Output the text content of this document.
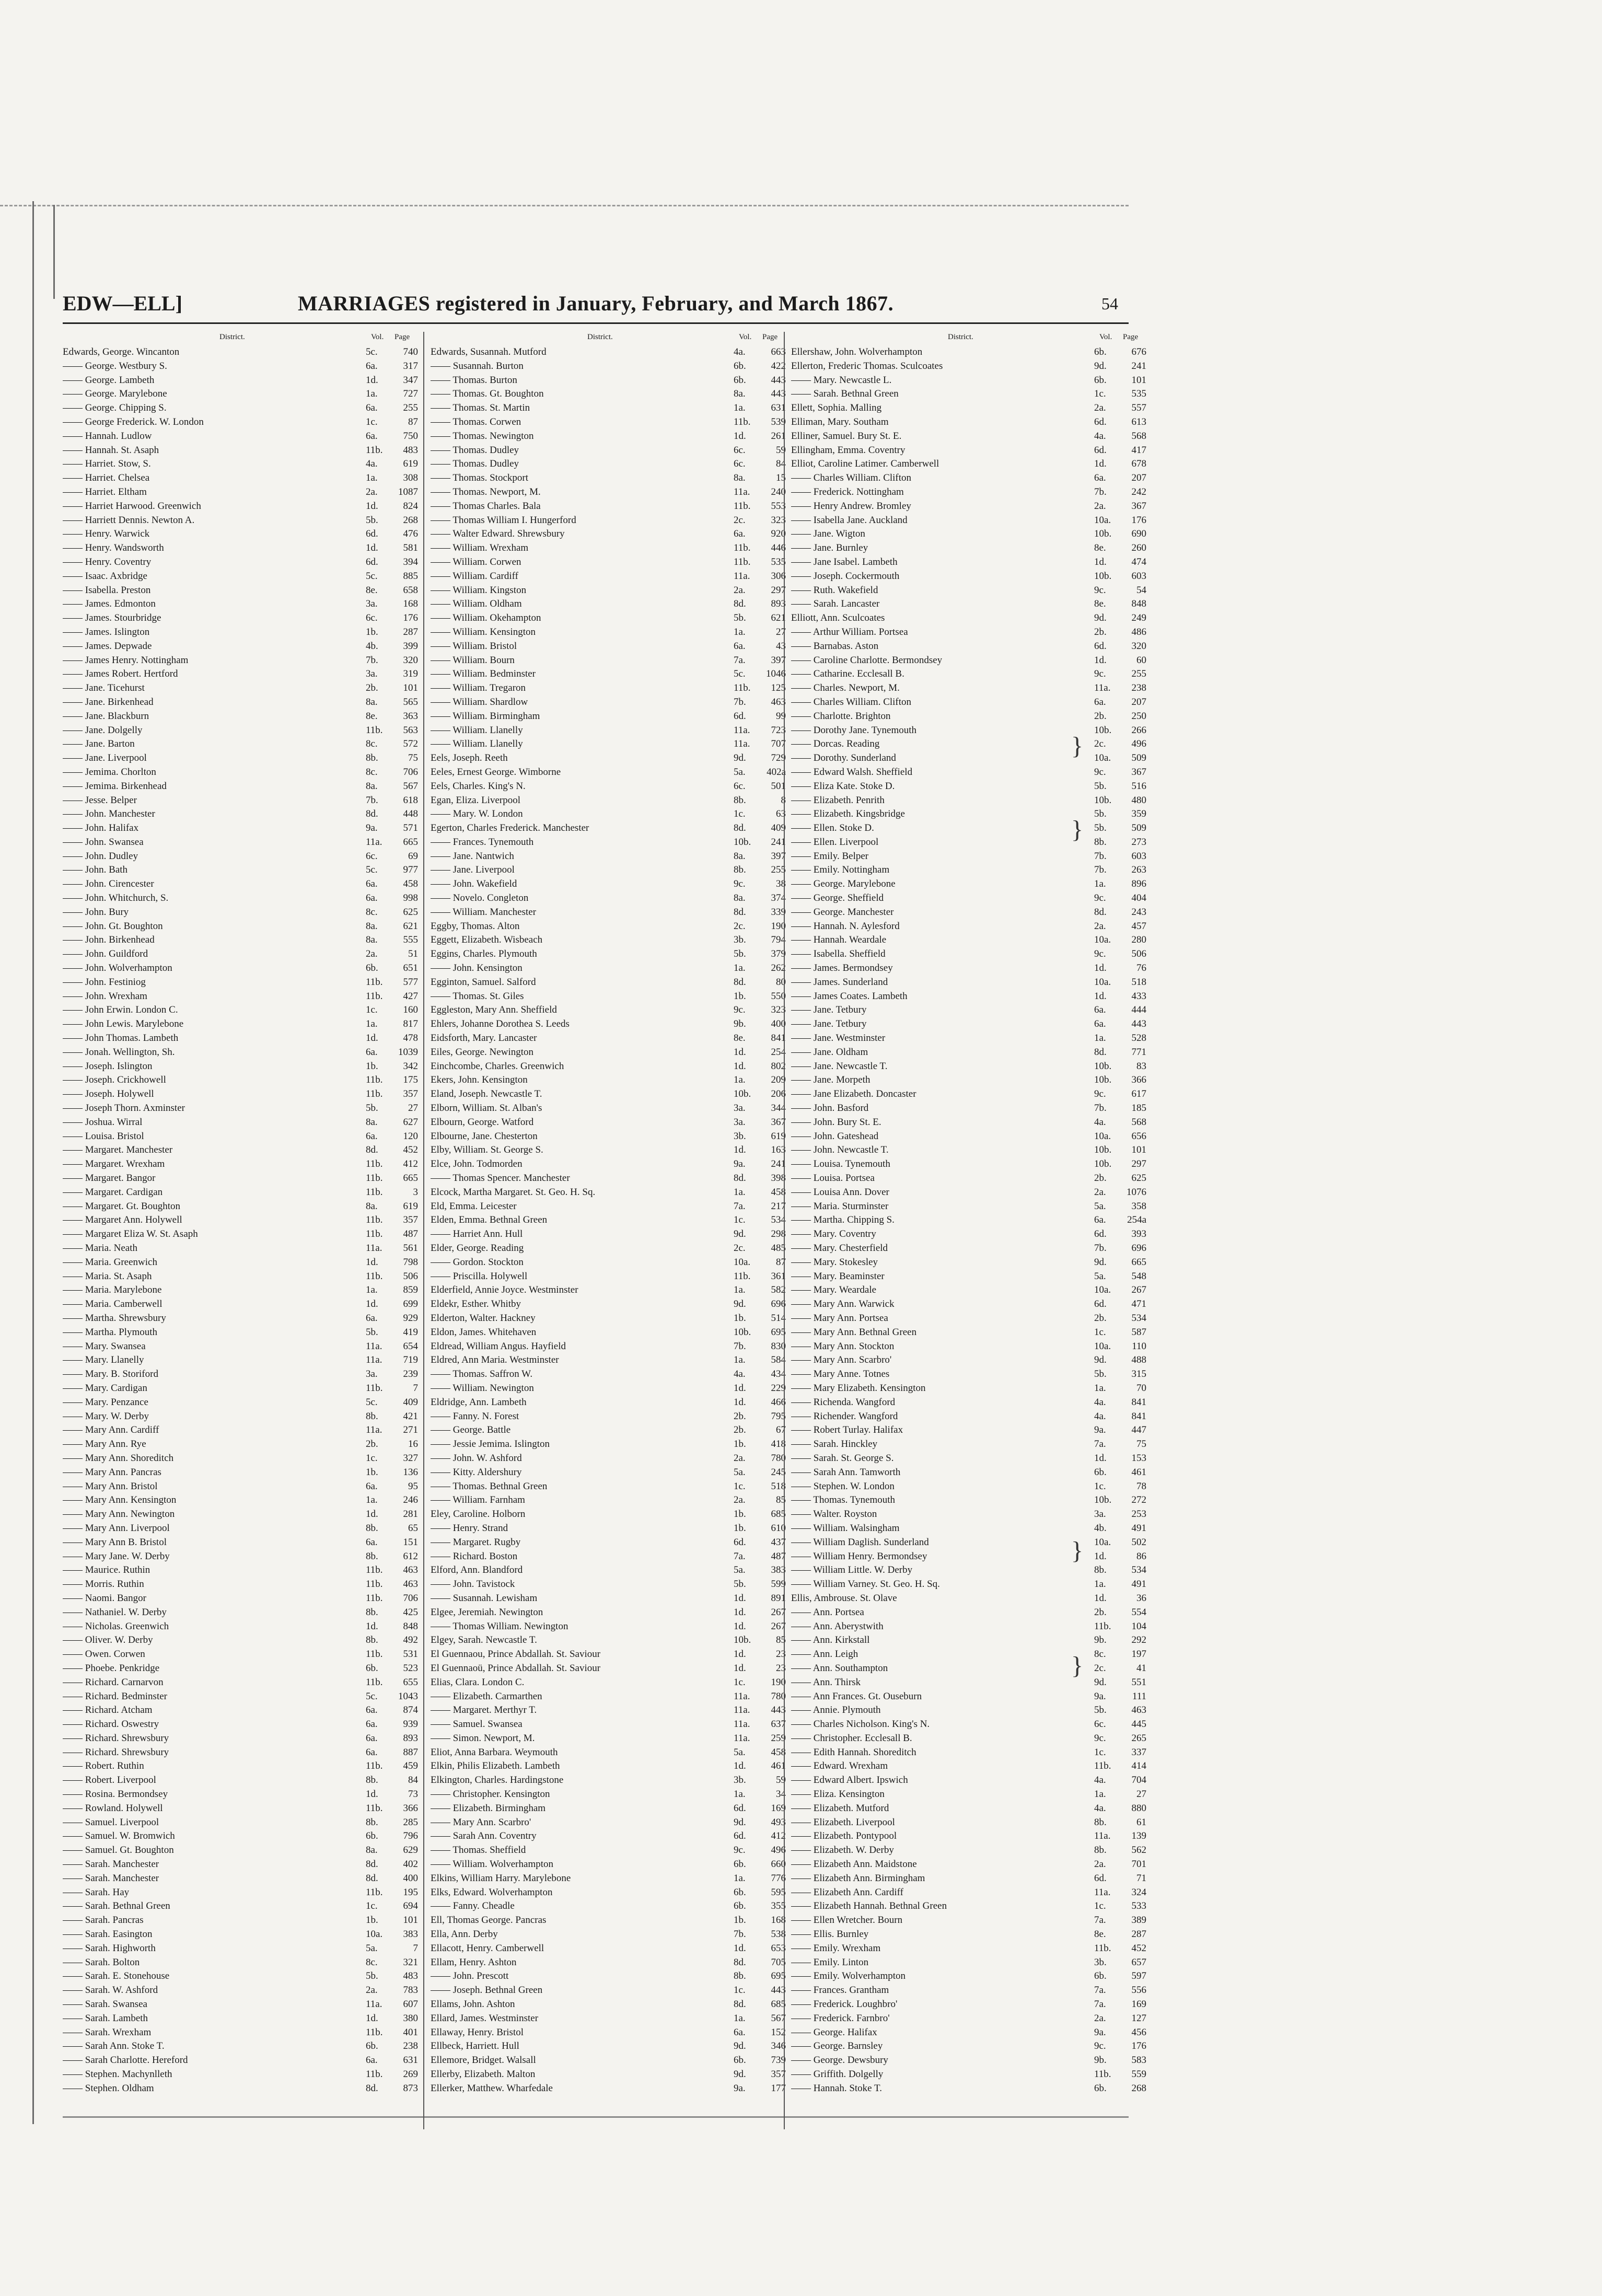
}
}
}
}
EDW—ELL]	MARRIAGES registered in January, February, and March 1867.	54
District.	Vol. Page
Edwards, George. Wincanton	5c.	740
—— George. Westbury S.	6a.	317
—— George. Lambeth	1d.	347
—— George. Marylebone	1a.	727
—— George. Chipping S.	6a.	255
—— George Frederick. W. London	1c.	87
—— Hannah. Ludlow	6a.	750
—— Hannah. St. Asaph	11b.	483
—— Harriet. Stow, S.	4a.	619
—— Harriet. Chelsea	1a.	308
—— Harriet. Eltham	2a.	1087
—— Harriet Harwood. Greenwich	1d.	824
—— Harriett Dennis. Newton A.	5b.	268
—— Henry. Warwick	6d.	476
—— Henry. Wandsworth	1d.	581
—— Henry. Coventry	6d.	394
—— Isaac. Axbridge	5c.	885
—— Isabella. Preston	8e.	658
—— James. Edmonton	3a.	168
—— James. Stourbridge	6c.	176
—— James. Islington	1b.	287
—— James. Depwade	4b.	399
—— James Henry. Nottingham	7b.	320
—— James Robert. Hertford	3a.	319
—— Jane. Ticehurst	2b.	101
—— Jane. Birkenhead	8a.	565
—— Jane. Blackburn	8e.	363
—— Jane. Dolgelly	11b.	563
—— Jane. Barton	8c.	572
—— Jane. Liverpool	8b.	75
—— Jemima. Chorlton	8c.	706
—— Jemima. Birkenhead	8a.	567
—— Jesse. Belper	7b.	618
—— John. Manchester	8d.	448
—— John. Halifax	9a.	571
—— John. Swansea	11a.	665
—— John. Dudley	6c.	69
—— John. Bath	5c.	977
—— John. Cirencester	6a.	458
—— John. Whitchurch, S.	6a.	998
—— John. Bury	8c.	625
—— John. Gt. Boughton	8a.	621
—— John. Birkenhead	8a.	555
—— John. Guildford	2a.	51
—— John. Wolverhampton	6b.	651
—— John. Festiniog	11b.	577
—— John. Wrexham	11b.	427
—— John Erwin. London C.	1c.	160
—— John Lewis. Marylebone	1a.	817
—— John Thomas. Lambeth	1d.	478
—— Jonah. Wellington, Sh.	6a.	1039
—— Joseph. Islington	1b.	342
—— Joseph. Crickhowell	11b.	175
—— Joseph. Holywell	11b.	357
—— Joseph Thorn. Axminster	5b.	27
—— Joshua. Wirral	8a.	627
—— Louisa. Bristol	6a.	120
—— Margaret. Manchester	8d.	452
—— Margaret. Wrexham	11b.	412
—— Margaret. Bangor	11b.	665
—— Margaret. Cardigan	11b.	3
—— Margaret. Gt. Boughton	8a.	619
—— Margaret Ann. Holywell	11b.	357
—— Margaret Eliza W. St. Asaph	11b.	487
—— Maria. Neath	11a.	561
—— Maria. Greenwich	1d.	798
—— Maria. St. Asaph	11b.	506
—— Maria. Marylebone	1a.	859
—— Maria. Camberwell	1d.	699
—— Martha. Shrewsbury	6a.	929
—— Martha. Plymouth	5b.	419
—— Mary. Swansea	11a.	654
—— Mary. Llanelly	11a.	719
—— Mary. B. Storiford	3a.	239
—— Mary. Cardigan	11b.	7
—— Mary. Penzance	5c.	409
—— Mary. W. Derby	8b.	421
—— Mary Ann. Cardiff	11a.	271
—— Mary Ann. Rye	2b.	16
—— Mary Ann. Shoreditch	1c.	327
—— Mary Ann. Pancras	1b.	136
—— Mary Ann. Bristol	6a.	95
—— Mary Ann. Kensington	1a.	246
—— Mary Ann. Newington	1d.	281
—— Mary Ann. Liverpool	8b.	65
—— Mary Ann B. Bristol	6a.	151
—— Mary Jane. W. Derby	8b.	612
—— Maurice. Ruthin	11b.	463
—— Morris. Ruthin	11b.	463
—— Naomi. Bangor	11b.	706
—— Nathaniel. W. Derby	8b.	425
—— Nicholas. Greenwich	1d.	848
—— Oliver. W. Derby	8b.	492
—— Owen. Corwen	11b.	531
—— Phoebe. Penkridge	6b.	523
—— Richard. Carnarvon	11b.	655
—— Richard. Bedminster	5c.	1043
—— Richard. Atcham	6a.	874
—— Richard. Oswestry	6a.	939
—— Richard. Shrewsbury	6a.	893
—— Richard. Shrewsbury	6a.	887
—— Robert. Ruthin	11b.	459
—— Robert. Liverpool	8b.	84
—— Rosina. Bermondsey	1d.	73
—— Rowland. Holywell	11b.	366
—— Samuel. Liverpool	8b.	285
—— Samuel. W. Bromwich	6b.	796
—— Samuel. Gt. Boughton	8a.	629
—— Sarah. Manchester	8d.	402
—— Sarah. Manchester	8d.	400
—— Sarah. Hay	11b.	195
—— Sarah. Bethnal Green	1c.	694
—— Sarah. Pancras	1b.	101
—— Sarah. Easington	10a.	383
—— Sarah. Highworth	5a.	7
—— Sarah. Bolton	8c.	321
—— Sarah. E. Stonehouse	5b.	483
—— Sarah. W. Ashford	2a.	783
—— Sarah. Swansea	11a.	607
—— Sarah. Lambeth	1d.	380
—— Sarah. Wrexham	11b.	401
—— Sarah Ann. Stoke T.	6b.	238
—— Sarah Charlotte. Hereford	6a.	631
—— Stephen. Machynlleth	11b.	269
—— Stephen. Oldham	8d.	873
District.	Vol. Page
Edwards, Susannah. Mutford	4a.	663
—— Susannah. Burton	6b.	422
—— Thomas. Burton	6b.	443
—— Thomas. Gt. Boughton	8a.	443
—— Thomas. St. Martin	1a.	631
—— Thomas. Corwen	11b.	539
—— Thomas. Newington	1d.	261
—— Thomas. Dudley	6c.	59
—— Thomas. Dudley	6c.	84
—— Thomas. Stockport	8a.	15
—— Thomas. Newport, M.	11a.	240
—— Thomas Charles. Bala	11b.	553
—— Thomas William I. Hungerford	2c.	323
—— Walter Edward. Shrewsbury	6a.	920
—— William. Wrexham	11b.	446
—— William. Corwen	11b.	535
—— William. Cardiff	11a.	306
—— William. Kingston	2a.	297
—— William. Oldham	8d.	893
—— William. Okehampton	5b.	621
—— William. Kensington	1a.	27
—— William. Bristol	6a.	43
—— William. Bourn	7a.	397
—— William. Bedminster	5c.	1046
—— William. Tregaron	11b.	125
—— William. Shardlow	7b.	463
—— William. Birmingham	6d.	99
—— William. Llanelly	11a.	723
—— William. Llanelly	11a.	707
Eels, Joseph. Reeth	9d.	729
Eeles, Ernest George. Wimborne	5a.	402a
Eels, Charles. King's N.	6c.	501
Egan, Eliza. Liverpool	8b.	8
—— Mary. W. London	1c.	63
Egerton, Charles Frederick. Manchester	8d.	409
—— Frances. Tynemouth	10b.	241
—— Jane. Nantwich	8a.	397
—— Jane. Liverpool	8b.	255
—— John. Wakefield	9c.	38
—— Novelo. Congleton	8a.	374
—— William. Manchester	8d.	339
Eggby, Thomas. Alton	2c.	190
Eggett, Elizabeth. Wisbeach	3b.	794
Eggins, Charles. Plymouth	5b.	379
—— John. Kensington	1a.	262
Egginton, Samuel. Salford	8d.	80
—— Thomas. St. Giles	1b.	550
Eggleston, Mary Ann. Sheffield	9c.	323
Ehlers, Johanne Dorothea S. Leeds	9b.	400
Eidsforth, Mary. Lancaster	8e.	841
Eiles, George. Newington	1d.	254
Einchcombe, Charles. Greenwich	1d.	802
Ekers, John. Kensington	1a.	209
Eland, Joseph. Newcastle T.	10b.	206
Elborn, William. St. Alban's	3a.	344
Elbourn, George. Watford	3a.	367
Elbourne, Jane. Chesterton	3b.	619
Elby, William. St. George S.	1d.	163
Elce, John. Todmorden	9a.	241
—— Thomas Spencer. Manchester	8d.	398
Elcock, Martha Margaret. St. Geo. H. Sq.	1a.	458
Eld, Emma. Leicester	7a.	217
Elden, Emma. Bethnal Green	1c.	534
—— Harriet Ann. Hull	9d.	298
Elder, George. Reading	2c.	485
—— Gordon. Stockton	10a.	87
—— Priscilla. Holywell	11b.	361
Elderfield, Annie Joyce. Westminster	1a.	582
Eldekr, Esther. Whitby	9d.	696
Elderton, Walter. Hackney	1b.	514
Eldon, James. Whitehaven	10b.	695
Eldread, William Angus. Hayfield	7b.	830
Eldred, Ann Maria. Westminster	1a.	584
—— Thomas. Saffron W.	4a.	434
—— William. Newington	1d.	229
Eldridge, Ann. Lambeth	1d.	466
—— Fanny. N. Forest	2b.	795
—— George. Battle	2b.	67
—— Jessie Jemima. Islington	1b.	418
—— John. W. Ashford	2a.	780
—— Kitty. Aldershury	5a.	245
—— Thomas. Bethnal Green	1c.	518
—— William. Farnham	2a.	85
Eley, Caroline. Holborn	1b.	685
—— Henry. Strand	1b.	610
—— Margaret. Rugby	6d.	437
—— Richard. Boston	7a.	487
Elford, Ann. Blandford	5a.	383
—— John. Tavistock	5b.	599
—— Susannah. Lewisham	1d.	891
Elgee, Jeremiah. Newington	1d.	267
—— Thomas William. Newington	1d.	267
Elgey, Sarah. Newcastle T.	10b.	85
El Guennaou, Prince Abdallah. St. Saviour	1d.	23
El Guennaoü, Prince Abdallah. St. Saviour	1d.	23
Elias, Clara. London C.	1c.	190
—— Elizabeth. Carmarthen	11a.	780
—— Margaret. Merthyr T.	11a.	443
—— Samuel. Swansea	11a.	637
—— Simon. Newport, M.	11a.	259
Eliot, Anna Barbara. Weymouth	5a.	458
Elkin, Philis Elizabeth. Lambeth	1d.	461
Elkington, Charles. Hardingstone	3b.	59
—— Christopher. Kensington	1a.	34
—— Elizabeth. Birmingham	6d.	169
—— Mary Ann. Scarbro'	9d.	493
—— Sarah Ann. Coventry	6d.	412
—— Thomas. Sheffield	9c.	496
—— William. Wolverhampton	6b.	660
Elkins, William Harry. Marylebone	1a.	776
Elks, Edward. Wolverhampton	6b.	595
—— Fanny. Cheadle	6b.	355
Ell, Thomas George. Pancras	1b.	168
Ella, Ann. Derby	7b.	538
Ellacott, Henry. Camberwell	1d.	653
Ellam, Henry. Ashton	8d.	705
—— John. Prescott	8b.	695
—— Joseph. Bethnal Green	1c.	443
Ellams, John. Ashton	8d.	685
Ellard, James. Westminster	1a.	567
Ellaway, Henry. Bristol	6a.	152
Ellbeck, Harriett. Hull	9d.	346
Ellemore, Bridget. Walsall	6b.	739
Ellerby, Elizabeth. Malton	9d.	357
Ellerker, Matthew. Wharfedale	9a.	177
District.	Vol. Page
Ellershaw, John. Wolverhampton	6b.	676
Ellerton, Frederic Thomas. Sculcoates	9d.	241
—— Mary. Newcastle L.	6b.	101
—— Sarah. Bethnal Green	1c.	535
Ellett, Sophia. Malling	2a.	557
Elliman, Mary. Southam	6d.	613
Elliner, Samuel. Bury St. E.	4a.	568
Ellingham, Emma. Coventry	6d.	417
Elliot, Caroline Latimer. Camberwell	1d.	678
—— Charles William. Clifton	6a.	207
—— Frederick. Nottingham	7b.	242
—— Henry Andrew. Bromley	2a.	367
—— Isabella Jane. Auckland	10a.	176
—— Jane. Wigton	10b.	690
—— Jane. Burnley	8e.	260
—— Jane Isabel. Lambeth	1d.	474
—— Joseph. Cockermouth	10b.	603
—— Ruth. Wakefield	9c.	54
—— Sarah. Lancaster	8e.	848
Elliott, Ann. Sculcoates	9d.	249
—— Arthur William. Portsea	2b.	486
—— Barnabas. Aston	6d.	320
—— Caroline Charlotte. Bermondsey	1d.	60
—— Catharine. Ecclesall B.	9c.	255
—— Charles. Newport, M.	11a.	238
—— Charles William. Clifton	6a.	207
—— Charlotte. Brighton	2b.	250
—— Dorothy Jane. Tynemouth	10b.	266
—— Dorcas. Reading	2c.	496
—— Dorothy. Sunderland	10a.	509
—— Edward Walsh. Sheffield	9c.	367
—— Eliza Kate. Stoke D.	5b.	516
—— Elizabeth. Penrith	10b.	480
—— Elizabeth. Kingsbridge	5b.	359
—— Ellen. Stoke D.	5b.	509
—— Ellen. Liverpool	8b.	273
—— Emily. Belper	7b.	603
—— Emily. Nottingham	7b.	263
—— George. Marylebone	1a.	896
—— George. Sheffield	9c.	404
—— George. Manchester	8d.	243
—— Hannah. N. Aylesford	2a.	457
—— Hannah. Weardale	10a.	280
—— Isabella. Sheffield	9c.	506
—— James. Bermondsey	1d.	76
—— James. Sunderland	10a.	518
—— James Coates. Lambeth	1d.	433
—— Jane. Tetbury	6a.	444
—— Jane. Tetbury	6a.	443
—— Jane. Westminster	1a.	528
—— Jane. Oldham	8d.	771
—— Jane. Newcastle T.	10b.	83
—— Jane. Morpeth	10b.	366
—— Jane Elizabeth. Doncaster	9c.	617
—— John. Basford	7b.	185
—— John. Bury St. E.	4a.	568
—— John. Gateshead	10a.	656
—— John. Newcastle T.	10b.	101
—— Louisa. Tynemouth	10b.	297
—— Louisa. Portsea	2b.	625
—— Louisa Ann. Dover	2a.	1076
—— Maria. Sturminster	5a.	358
—— Martha. Chipping S.	6a.	254a
—— Mary. Coventry	6d.	393
—— Mary. Chesterfield	7b.	696
—— Mary. Stokesley	9d.	665
—— Mary. Beaminster	5a.	548
—— Mary. Weardale	10a.	267
—— Mary Ann. Warwick	6d.	471
—— Mary Ann. Portsea	2b.	534
—— Mary Ann. Bethnal Green	1c.	587
—— Mary Ann. Stockton	10a.	110
—— Mary Ann. Scarbro'	9d.	488
—— Mary Anne. Totnes	5b.	315
—— Mary Elizabeth. Kensington	1a.	70
—— Richenda. Wangford	4a.	841
—— Richender. Wangford	4a.	841
—— Robert Turlay. Halifax	9a.	447
—— Sarah. Hinckley	7a.	75
—— Sarah. St. George S.	1d.	153
—— Sarah Ann. Tamworth	6b.	461
—— Stephen. W. London	1c.	78
—— Thomas. Tynemouth	10b.	272
—— Walter. Royston	3a.	253
—— William. Walsingham	4b.	491
—— William Daglish. Sunderland	10a.	502
—— William Henry. Bermondsey	1d.	86
—— William Little. W. Derby	8b.	534
—— William Varney. St. Geo. H. Sq.	1a.	491
Ellis, Ambrouse. St. Olave	1d.	36
—— Ann. Portsea	2b.	554
—— Ann. Aberystwith	11b.	104
—— Ann. Kirkstall	9b.	292
—— Ann. Leigh	8c.	197
—— Ann. Southampton	2c.	41
—— Ann. Thirsk	9d.	551
—— Ann Frances. Gt. Ouseburn	9a.	111
—— Annie. Plymouth	5b.	463
—— Charles Nicholson. King's N.	6c.	445
—— Christopher. Ecclesall B.	9c.	265
—— Edith Hannah. Shoreditch	1c.	337
—— Edward. Wrexham	11b.	414
—— Edward Albert. Ipswich	4a.	704
—— Eliza. Kensington	1a.	27
—— Elizabeth. Mutford	4a.	880
—— Elizabeth. Liverpool	8b.	61
—— Elizabeth. Pontypool	11a.	139
—— Elizabeth. W. Derby	8b.	562
—— Elizabeth Ann. Maidstone	2a.	701
—— Elizabeth Ann. Birmingham	6d.	71
—— Elizabeth Ann. Cardiff	11a.	324
—— Elizabeth Hannah. Bethnal Green	1c.	533
—— Ellen Wretcher. Bourn	7a.	389
—— Ellis. Burnley	8e.	287
—— Emily. Wrexham	11b.	452
—— Emily. Linton	3b.	657
—— Emily. Wolverhampton	6b.	597
—— Frances. Grantham	7a.	556
—— Frederick. Loughbro'	7a.	169
—— Frederick. Farnbro'	2a.	127
—— George. Halifax	9a.	456
—— George. Barnsley	9c.	176
—— George. Dewsbury	9b.	583
—— Griffith. Dolgelly	11b.	559
—— Hannah. Stoke T.	6b.	268
